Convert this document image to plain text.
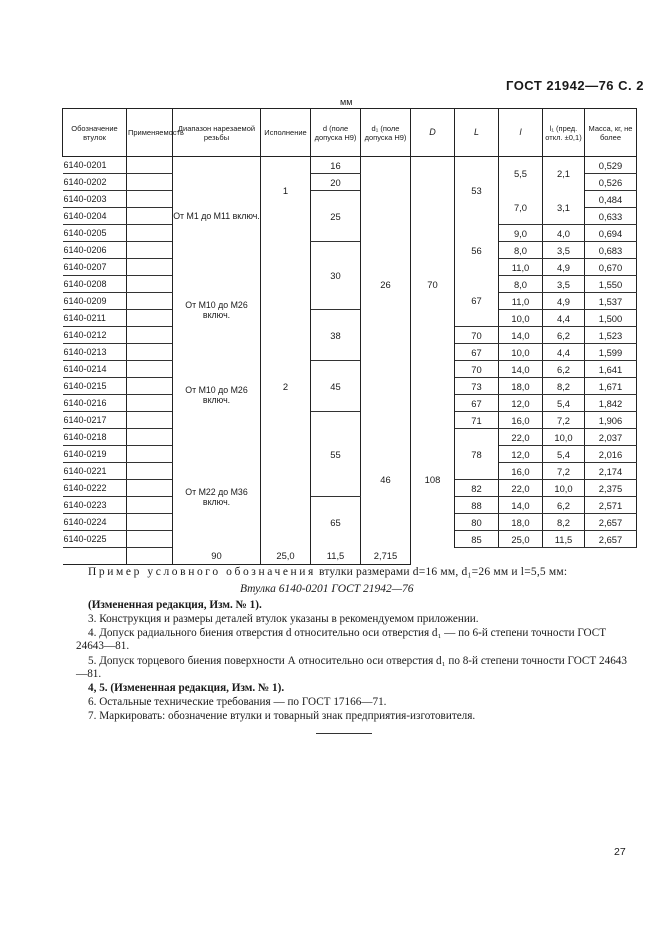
ГОСТ 21942—76 С. 2
мм
Обозначение втулок	Применяемость	Диапазон нарезаемой резьбы	Исполнение	d (поле допуска H9)	d₁ (поле допуска H9)	D	L	l	l₁ (пред. откл. ±0,1)	Масса, кг, не более
6140-0201		От М1 до М11 включ.	1	16	26	70	53	5,5	2,1	0,529
6140-0202				20						0,526
6140-0203				25				7,0	3,1	0,484
6140-0204										0,633
6140-0205			2				56	9,0	4,0	0,694
6140-0206				30				8,0	3,5	0,683
6140-0207								11,0	4,9	0,670
6140-0208		От М10 до М26 включ.					67	8,0	3,5	1,550
6140-0209								11,0	4,9	1,537
6140-0211				38				10,0	4,4	1,500
6140-0212							70	14,0	6,2	1,523
6140-0213		От М10 до М26 включ.					67	10,0	4,4	1,599
6140-0214				45			70	14,0	6,2	1,641
6140-0215							73	18,0	8,2	1,671
6140-0216							67	12,0	5,4	1,842
6140-0217				55	46	108	71	16,0	7,2	1,906
6140-0218							78	22,0	10,0	2,037
6140-0219		От М22 до М36 включ.						12,0	5,4	2,016
6140-0221								16,0	7,2	2,174
6140-0222							82	22,0	10,0	2,375
6140-0223				65			88	14,0	6,2	2,571
6140-0224							80	18,0	8,2	2,657
6140-0225							85	25,0	11,5	2,657
		90	25,0	11,5	2,715					
Пример условного обозначения втулки размерами d=16 мм, d₁=26 мм и l=5,5 мм:
Втулка 6140-0201 ГОСТ 21942—76
(Измененная редакция, Изм. № 1).
3. Конструкция и размеры деталей втулок указаны в рекомендуемом приложении.
4. Допуск радиального биения отверстия d относительно оси отверстия d₁ — по 6-й степени точности ГОСТ 24643—81.
5. Допуск торцевого биения поверхности А относительно оси отверстия d₁ по 8-й степени точности ГОСТ 24643—81.
4, 5. (Измененная редакция, Изм. № 1).
6. Остальные технические требования — по ГОСТ 17166—71.
7. Маркировать: обозначение втулки и товарный знак предприятия-изготовителя.
27
